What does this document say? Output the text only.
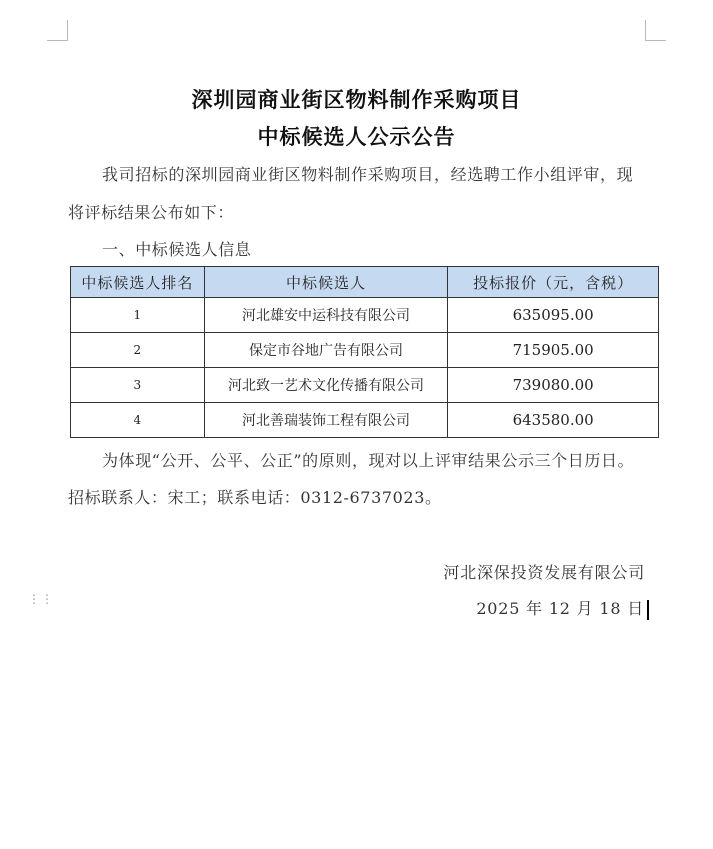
深圳园商业街区物料制作采购项目
中标候选人公示公告
我司招标的深圳园商业街区物料制作采购项目，经选聘工作小组评审，现
将评标结果公布如下：
一、中标候选人信息
中标候选人排名	中标候选人	投标报价（元，含税）
1	河北雄安中运科技有限公司	635095.00
2	保定市谷地广告有限公司	715905.00
3	河北致一艺术文化传播有限公司	739080.00
4	河北善瑞装饰工程有限公司	643580.00
为体现“公开、公平、公正”的原则，现对以上评审结果公示三个日历日。
招标联系人：宋工；联系电话：0312-6737023。
河北深保投资发展有限公司
2025 年 12 月 18 日
⋮⋮
